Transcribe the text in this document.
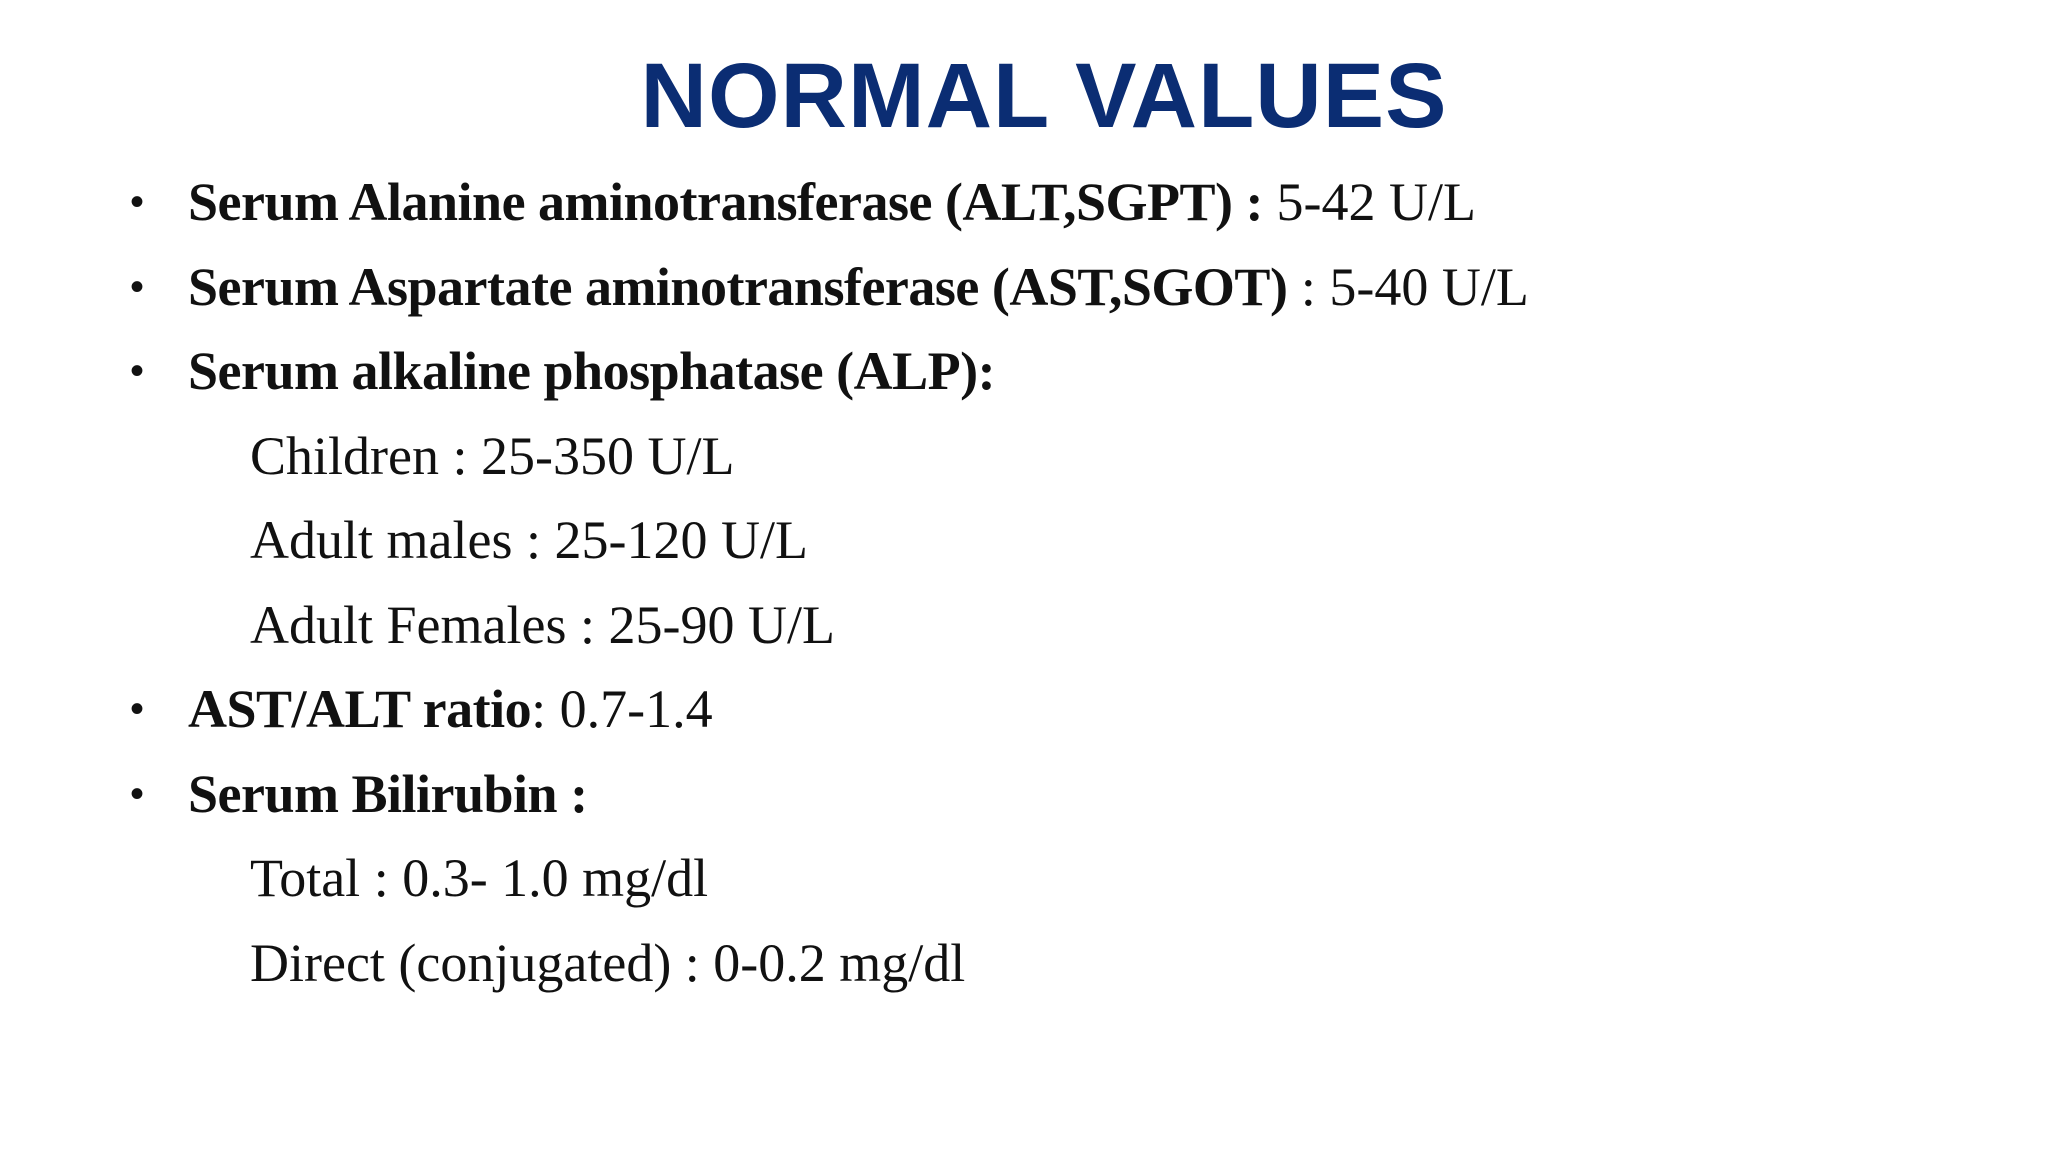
NORMAL VALUES
• Serum Alanine aminotransferase (ALT,SGPT) : 5-42 U/L
• Serum Aspartate aminotransferase (AST,SGOT) : 5-40 U/L
• Serum alkaline phosphatase (ALP):
Children : 25-350 U/L
Adult males : 25-120 U/L
Adult Females : 25-90 U/L
• AST/ALT ratio: 0.7-1.4
• Serum Bilirubin :
Total : 0.3- 1.0 mg/dl
Direct (conjugated) : 0-0.2 mg/dl
